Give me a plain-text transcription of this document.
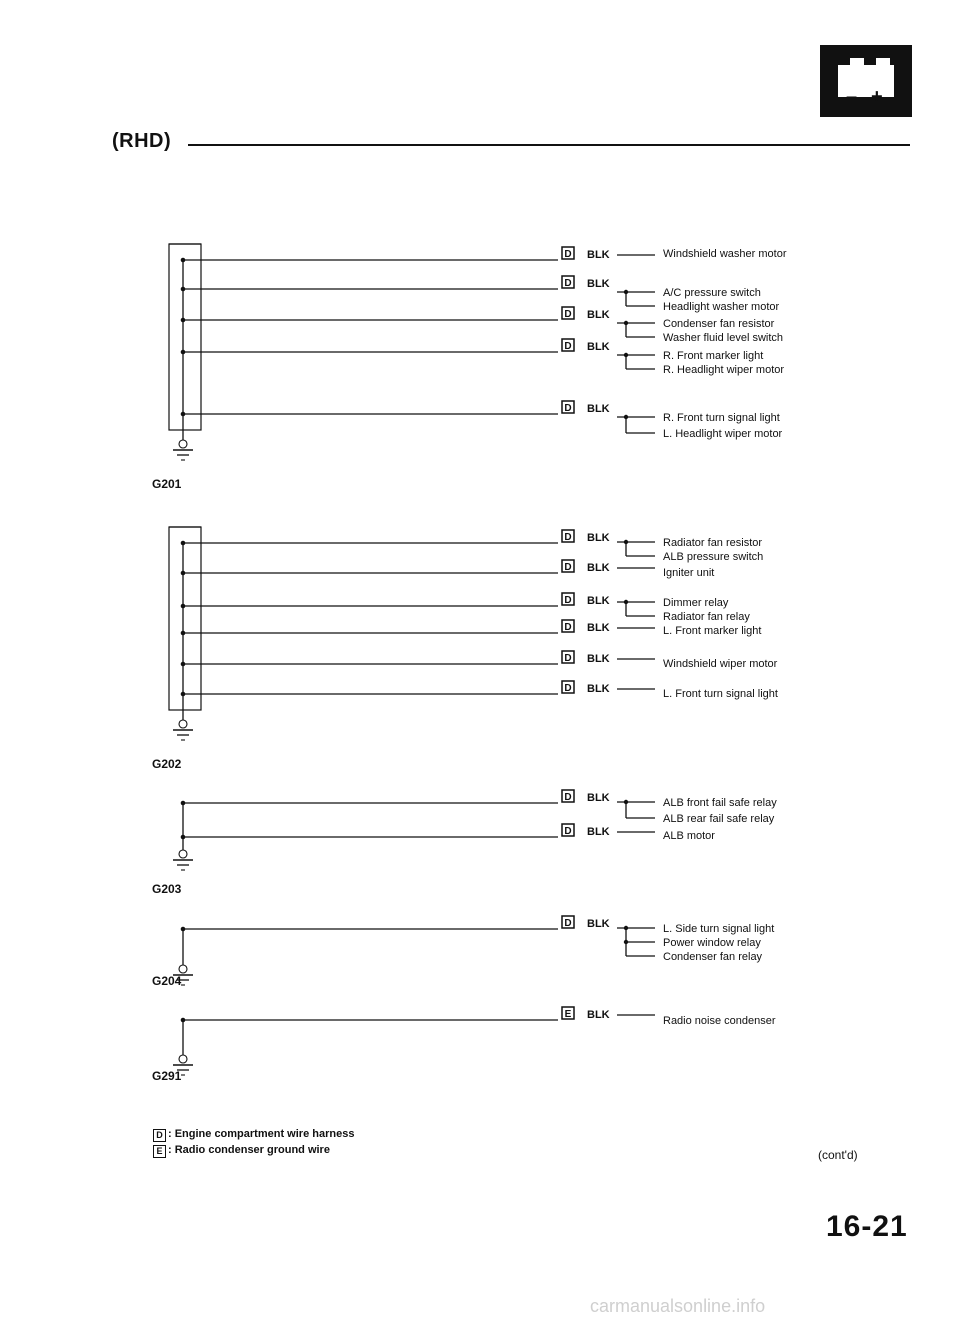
(RHD)
– +
G201
D BLK	Windshield washer motor
D BLK
A/C pressure switch
Headlight washer motor
D BLK
Condenser fan resistor
Washer fluid level switch
D BLK
R. Front marker light
R. Headlight wiper motor
D BLK
R. Front turn signal light
L. Headlight wiper motor
G202
D BLK	Radiator fan resistor
ALB pressure switch
D BLK	Igniter unit
D BLK	Dimmer relay
Radiator fan relay
D BLK	L. Front marker light
D BLK	Windshield wiper motor
D BLK	L. Front turn signal light
G203
D BLK	ALB front fail safe relay
ALB rear fail safe relay
D BLK	ALB motor
G204
D BLK	L. Side turn signal light
Power window relay
Condenser fan relay
G291
E BLK	Radio noise condenser
D : Engine compartment wire harness
E : Radio condenser ground wire	(cont'd)
16-21
carmanualsonline.info
